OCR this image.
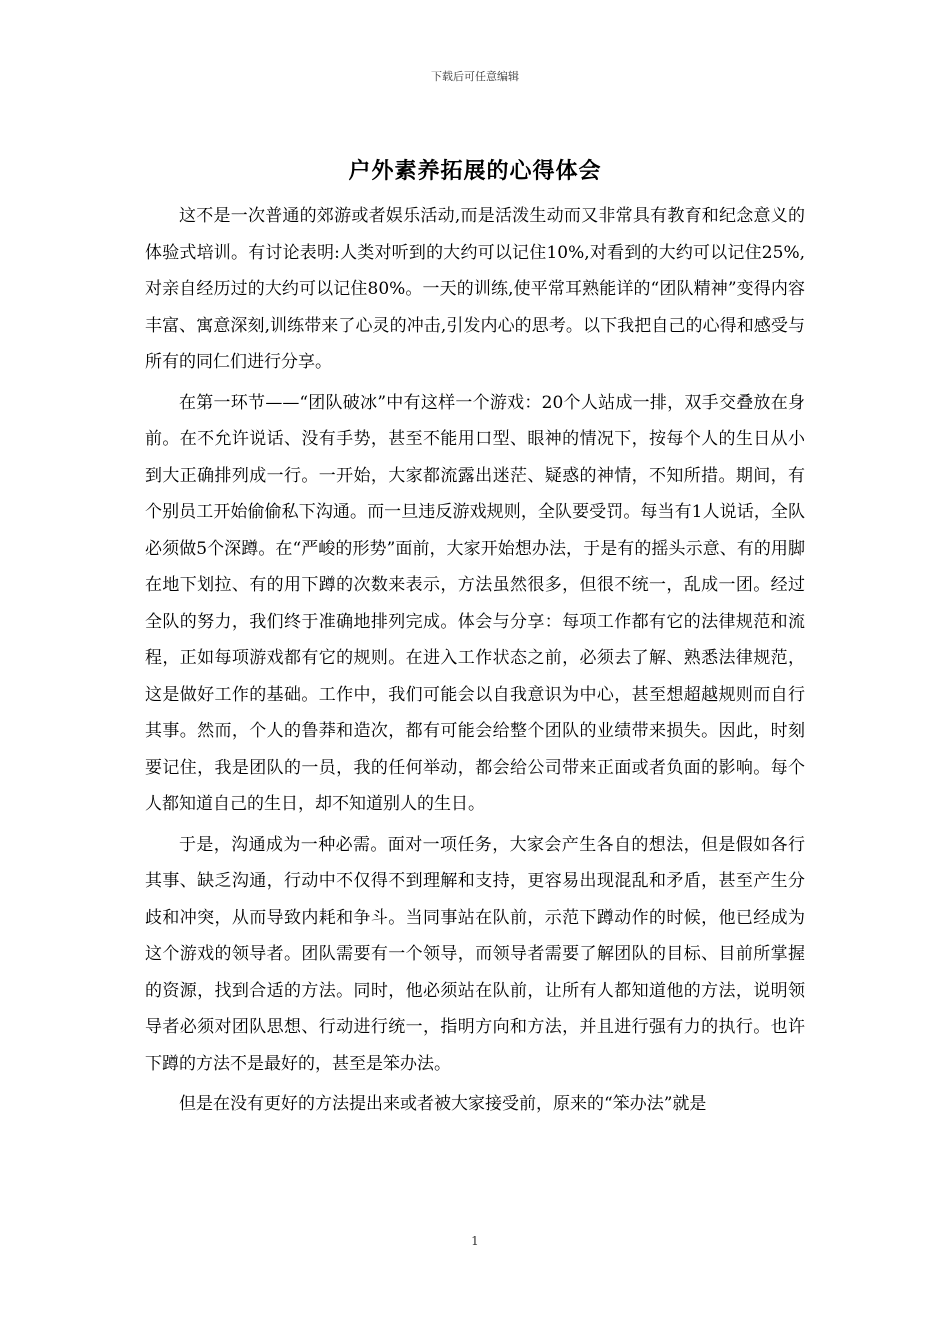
下载后可任意编辑
户外素养拓展的心得体会

这不是一次普通的郊游或者娱乐活动,而是活泼生动而又非常具有教育和纪念意义的体验式培训。有讨论表明:人类对听到的大约可以记住10%,对看到的大约可以记住25%,对亲自经历过的大约可以记住80%。一天的训练,使平常耳熟能详的“团队精神”变得内容丰富、寓意深刻,训练带来了心灵的冲击,引发内心的思考。以下我把自己的心得和感受与所有的同仁们进行分享。

在第一环节——“团队破冰”中有这样一个游戏：20个人站成一排，双手交叠放在身前。在不允许说话、没有手势，甚至不能用口型、眼神的情况下，按每个人的生日从小到大正确排列成一行。一开始，大家都流露出迷茫、疑惑的神情，不知所措。期间，有个别员工开始偷偷私下沟通。而一旦违反游戏规则，全队要受罚。每当有1人说话，全队必须做5个深蹲。在“严峻的形势”面前，大家开始想办法，于是有的摇头示意、有的用脚在地下划拉、有的用下蹲的次数来表示，方法虽然很多，但很不统一，乱成一团。经过全队的努力，我们终于准确地排列完成。体会与分享：每项工作都有它的法律规范和流程，正如每项游戏都有它的规则。在进入工作状态之前，必须去了解、熟悉法律规范，这是做好工作的基础。工作中，我们可能会以自我意识为中心，甚至想超越规则而自行其事。然而，个人的鲁莽和造次，都有可能会给整个团队的业绩带来损失。因此，时刻要记住，我是团队的一员，我的任何举动，都会给公司带来正面或者负面的影响。每个人都知道自己的生日，却不知道别人的生日。

于是，沟通成为一种必需。面对一项任务，大家会产生各自的想法，但是假如各行其事、缺乏沟通，行动中不仅得不到理解和支持，更容易出现混乱和矛盾，甚至产生分歧和冲突，从而导致内耗和争斗。当同事站在队前，示范下蹲动作的时候，他已经成为这个游戏的领导者。团队需要有一个领导，而领导者需要了解团队的目标、目前所掌握的资源，找到合适的方法。同时，他必须站在队前，让所有人都知道他的方法，说明领导者必须对团队思想、行动进行统一，指明方向和方法，并且进行强有力的执行。也许下蹲的方法不是最好的，甚至是笨办法。

但是在没有更好的方法提出来或者被大家接受前，原来的“笨办法”就是

1
